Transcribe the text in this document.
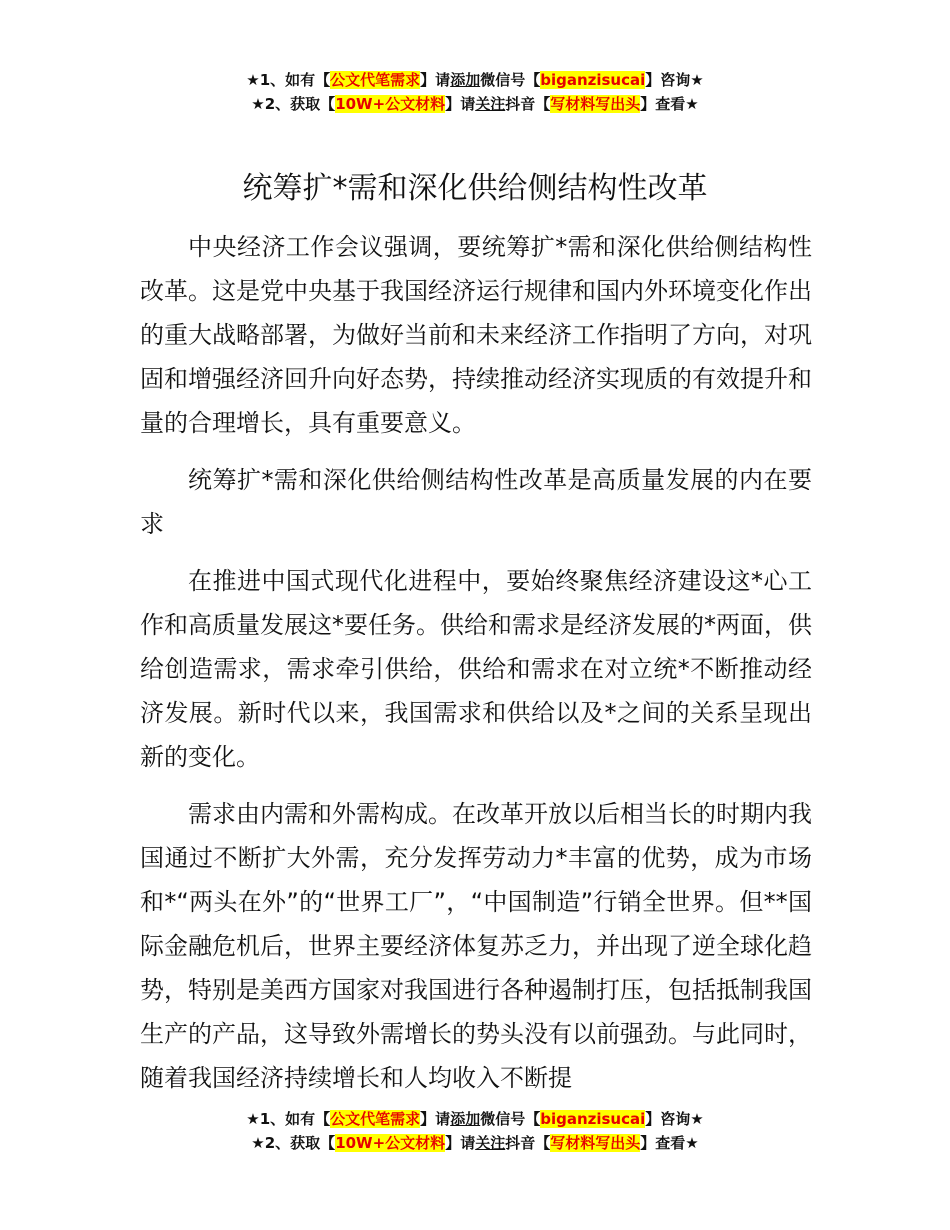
★1、如有【公文代笔需求】请添加微信号【biganzisucai】咨询★
★2、获取【10W+公文材料】请关注抖音【写材料写出头】查看★
统筹扩*需和深化供给侧结构性改革

中央经济工作会议强调，要统筹扩*需和深化供给侧结构性改革。这是党中央基于我国经济运行规律和国内外环境变化作出的重大战略部署，为做好当前和未来经济工作指明了方向，对巩固和增强经济回升向好态势，持续推动经济实现质的有效提升和量的合理增长，具有重要意义。

统筹扩*需和深化供给侧结构性改革是高质量发展的内在要求

在推进中国式现代化进程中，要始终聚焦经济建设这*心工作和高质量发展这*要任务。供给和需求是经济发展的*两面，供给创造需求，需求牵引供给，供给和需求在对立统*不断推动经济发展。新时代以来，我国需求和供给以及*之间的关系呈现出新的变化。

需求由内需和外需构成。在改革开放以后相当长的时期内我国通过不断扩大外需，充分发挥劳动力*丰富的优势，成为市场和*“两头在外”的“世界工厂”，“中国制造”行销全世界。但**国际金融危机后，世界主要经济体复苏乏力，并出现了逆全球化趋势，特别是美西方国家对我国进行各种遏制打压，包括抵制我国生产的产品，这导致外需增长的势头没有以前强劲。与此同时，随着我国经济持续增长和人均收入不断提

★1、如有【公文代笔需求】请添加微信号【biganzisucai】咨询★
★2、获取【10W+公文材料】请关注抖音【写材料写出头】查看★
